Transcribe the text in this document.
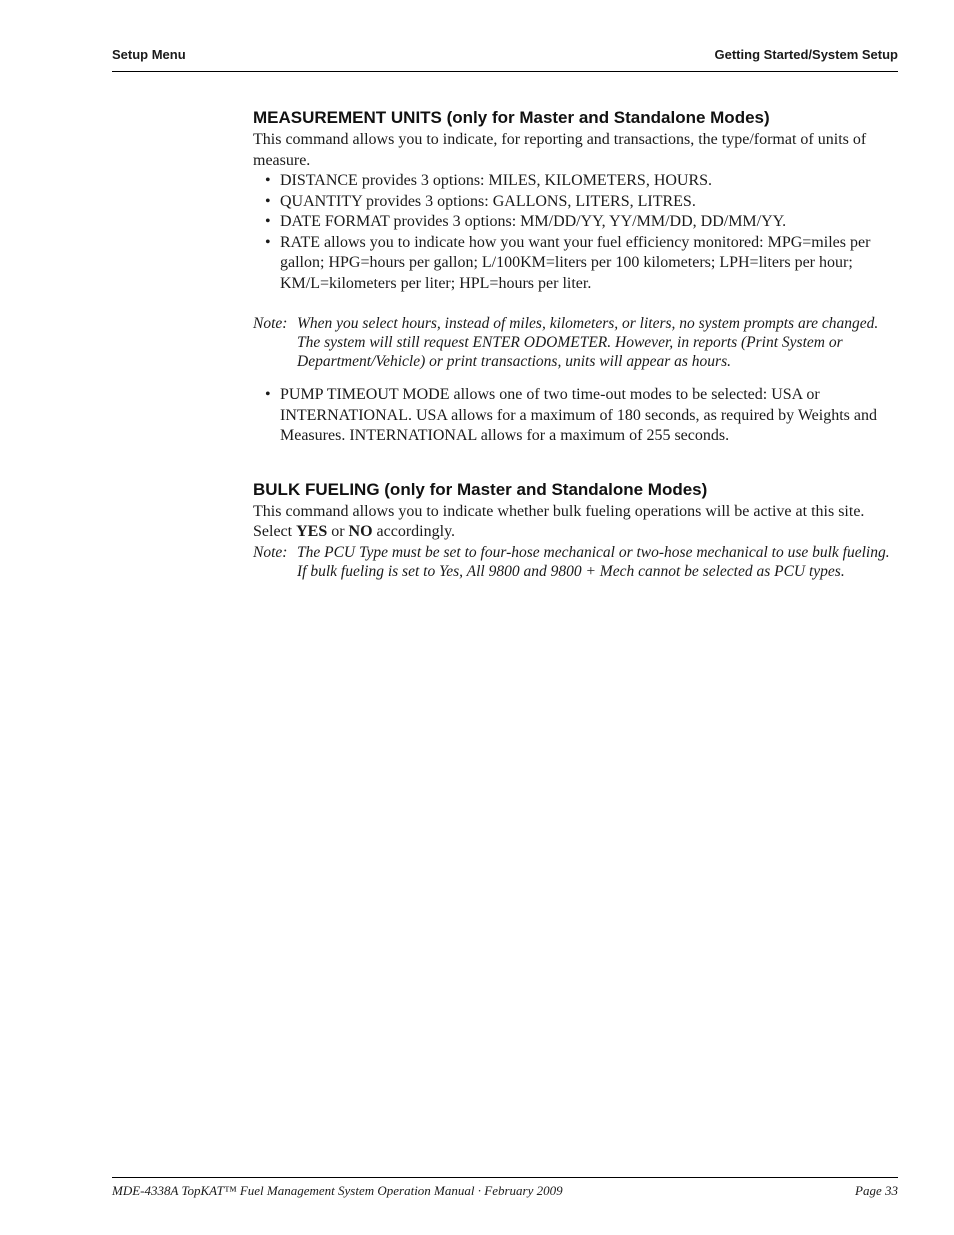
Setup Menu	Getting Started/System Setup
MEASUREMENT UNITS (only for Master and Standalone Modes)

This command allows you to indicate, for reporting and transactions, the type/format of units of measure.

• DISTANCE provides 3 options: MILES, KILOMETERS, HOURS.
• QUANTITY provides 3 options: GALLONS, LITERS, LITRES.
• DATE FORMAT provides 3 options: MM/DD/YY, YY/MM/DD, DD/MM/YY.
• RATE allows you to indicate how you want your fuel efficiency monitored: MPG=miles per gallon; HPG=hours per gallon; L/100KM=liters per 100 kilometers; LPH=liters per hour; KM/L=kilometers per liter; HPL=hours per liter.
Note: When you select hours, instead of miles, kilometers, or liters, no system prompts are changed. The system will still request ENTER ODOMETER. However, in reports (Print System or Department/Vehicle) or print transactions, units will appear as hours.
• PUMP TIMEOUT MODE allows one of two time-out modes to be selected: USA or INTERNATIONAL. USA allows for a maximum of 180 seconds, as required by Weights and Measures. INTERNATIONAL allows for a maximum of 255 seconds.
BULK FUELING (only for Master and Standalone Modes)

This command allows you to indicate whether bulk fueling operations will be active at this site. Select YES or NO accordingly.

Note: The PCU Type must be set to four-hose mechanical or two-hose mechanical to use bulk fueling. If bulk fueling is set to Yes, All 9800 and 9800 + Mech cannot be selected as PCU types.
MDE-4338A TopKAT™ Fuel Management System Operation Manual · February 2009	Page 33
